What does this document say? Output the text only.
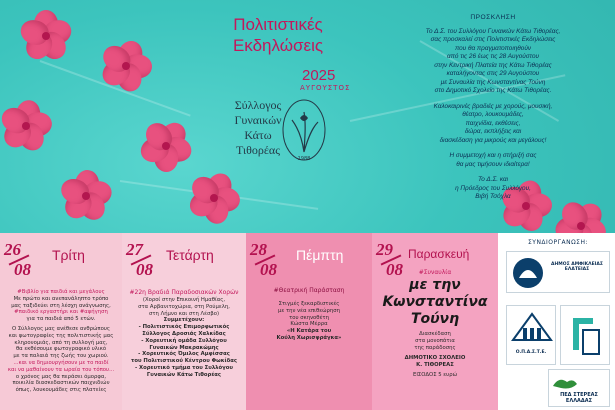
Πολιτιστικές
Εκδηλώσεις
2025
ΑΥΓΟΥΣΤΟΣ
Σύλλογος
Γυναικών
Κάτω
Τιθορέας
1988
ΠΡΟΣΚΛΗΣΗ
Το Δ.Σ. του Συλλόγου Γυναικών Κάτω Τιθορέας,
σας προσκαλεί στις Πολιτιστικές Εκδηλώσεις
που θα πραγματοποιηθούν
από τις 26 έως τις 28 Αυγούστου
στην Κεντρική Πλατεία της Κάτω Τιθορέας
καταλήγοντας στις 29 Αυγούστου
με Συναυλία της Κωνσταντίνας Τούνη
στο Δημοτικό Σχολείο της Κάτω Τιθορέας.
Καλοκαιρινές βραδιές με χορούς, μουσική,
θέατρο, λουκουμάδες,
παιχνίδια, εκθέσεις,
δώρα, εκπλήξεις και
διασκέδαση για μικρούς και μεγάλους!
Η συμμετοχή και η στήριξή σας
θα μας τιμήσουν ιδιαίτερα!
Το Δ.Σ. και
η Πρόεδρος του Συλλόγου,
Βιβή Τσόχλα
26
08
Τρίτη
#Βιβλίο για παιδιά και μεγάλους
Με πρώτο και ανεπανάληπτο τρόπο
μας ταξιδεύει στη λέσχη ανάγνωσης,
#παιδικό εργαστήρι και #αφήγηση
για τα παιδιά από 5 ετών.
Ο Σύλλογος μας ανέθεσε ανθρώπους
και φωτογραφίες της πολιτιστικής μας
κληρονομιάς, από τη συλλογή μας,
θα εκθέσουμε φωτογραφικό υλικό
με τα παλαιά της ζωής του χωριού.
...και να δημιουργήσουν με το παιδί
και να μαθαίνουν τα ωραία του τόπου...
ο χρόνος μας θα περάσει όμορφα,
ποικιλία διασκεδαστικών παιχνιδιών
όπως, λουκουμάδες στις πλατείες
27
08
Τετάρτη
#22η Βραδιά Παραδοσιακών Χορών
(Χοροί στην Επικοινή Ημαθίας,
στα Αρβανιτοχώρια, στη Ρούμελη,
στη Λήμνο και στη Λέσβο)
Συμμετέχουν:
- Πολιτιστικός Επιμορφωτικός
Σύλλογος Δροσιάς Χαλκίδας
- Χορευτική ομάδα Συλλόγου
Γυναικών Μακρακώμης
- Χορευτικός Όμιλος Αμφίσσας
του Πολιτιστικού Κέντρου Φωκίδας
- Χορευτικό τμήμα του Συλλόγου
Γυναικών Κάτω Τιθορέας
28
08
Πέμπτη
#Θεατρική Παράσταση
Στιγμές ξεκαρδιστικές
με την νέα επιθεώρηση
του σκηνοθέτη
Κώστα Μέρρα
«Η Κατάρα του
Κούλη Χωρισφράγκα»
29
08
Παρασκευή
#Συναυλία
με την
Κωνσταντίνα
Τούνη
Διασκέδαση
στα μονοπάτια
της παράδοσης
ΔΗΜΟΤΙΚΟ ΣΧΟΛΕΙΟ
Κ. ΤΙΘΟΡΕΑΣ
ΕΙΣΟΔΟΣ 5 ευρώ
ΣΥΝΔΙΟΡΓΑΝΩΣΗ:
ΔΗΜΟΣ ΑΜΦΙΚΛΕΙΑΣ ΕΛΑΤΕΙΑΣ
Ο.Π.Α.Σ.Τ.Ε.
ΠΕΔ ΣΤΕΡΕΑΣ ΕΛΛΑΔΑΣ
